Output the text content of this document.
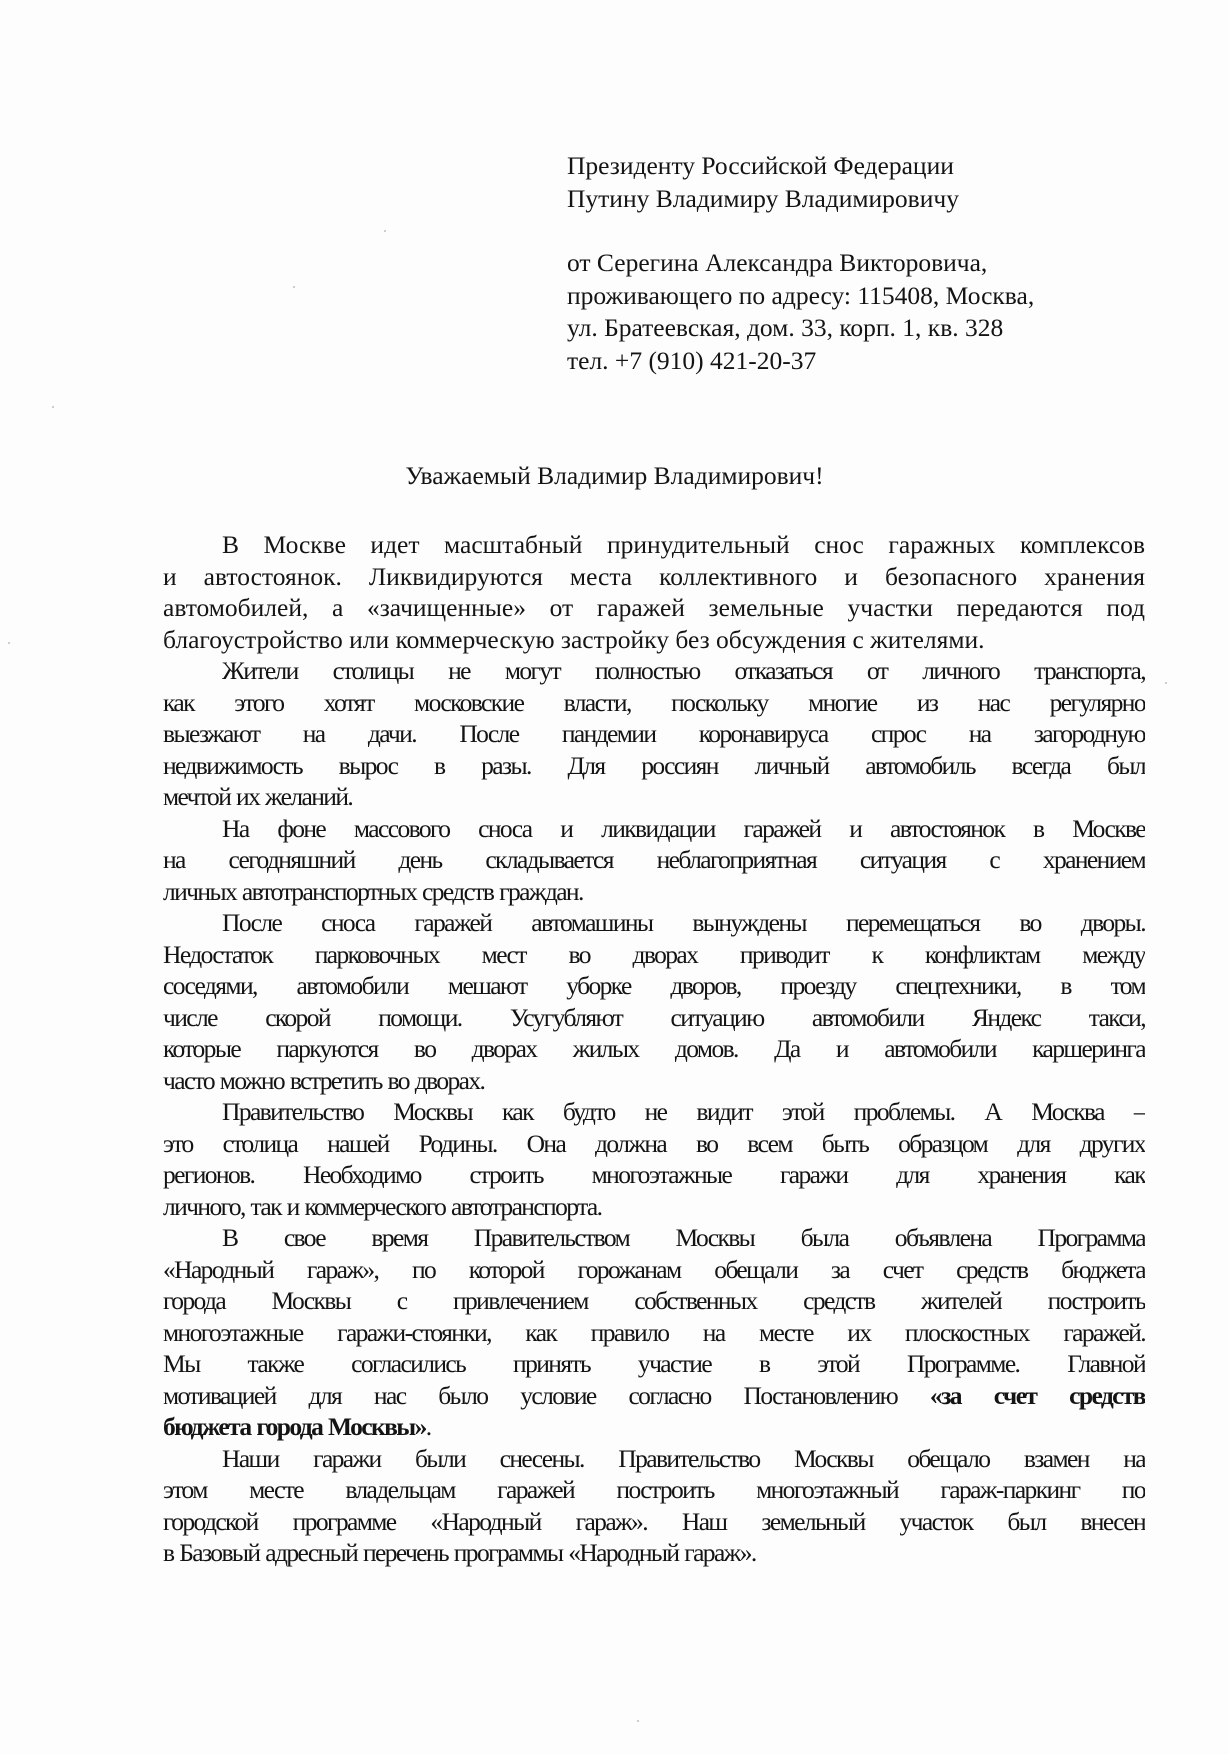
Президенту Российской Федерации
Путину Владимиру Владимировичу
от Серегина Александра Викторовича,
проживающего по адресу: 115408, Москва,
ул. Братеевская, дом. 33, корп. 1, кв. 328
тел. +7 (910) 421-20-37
Уважаемый Владимир Владимирович!
В Москве идет масштабный принудительный снос гаражных комплексов
и автостоянок. Ликвидируются места коллективного и безопасного хранения
автомобилей, а «зачищенные» от гаражей земельные участки передаются под
благоустройство или коммерческую застройку без обсуждения с жителями.
Жители столицы не могут полностью отказаться от личного транспорта,
как этого хотят московские власти, поскольку многие из нас регулярно
выезжают на дачи. После пандемии коронавируса спрос на загородную
недвижимость вырос в разы. Для россиян личный автомобиль всегда был
мечтой их желаний.
На фоне массового сноса и ликвидации гаражей и автостоянок в Москве
на сегодняшний день складывается неблагоприятная ситуация с хранением
личных автотранспортных средств граждан.
После сноса гаражей автомашины вынуждены перемещаться во дворы.
Недостаток парковочных мест во дворах приводит к конфликтам между
соседями, автомобили мешают уборке дворов, проезду спецтехники, в том
числе скорой помощи. Усугубляют ситуацию автомобили Яндекс такси,
которые паркуются во дворах жилых домов. Да и автомобили каршеринга
часто можно встретить во дворах.
Правительство Москвы как будто не видит этой проблемы. А Москва –
это столица нашей Родины. Она должна во всем быть образцом для других
регионов. Необходимо строить многоэтажные гаражи для хранения как
личного, так и коммерческого автотранспорта.
В свое время Правительством Москвы была объявлена Программа
«Народный гараж», по которой горожанам обещали за счет средств бюджета
города Москвы с привлечением собственных средств жителей построить
многоэтажные гаражи-стоянки, как правило на месте их плоскостных гаражей.
Мы также согласились принять участие в этой Программе. Главной
мотивацией для нас было условие согласно Постановлению «за счет средств
бюджета города Москвы».
Наши гаражи были снесены. Правительство Москвы обещало взамен на
этом месте владельцам гаражей построить многоэтажный гараж-паркинг по
городской программе «Народный гараж». Наш земельный участок был внесен
в Базовый адресный перечень программы «Народный гараж».
